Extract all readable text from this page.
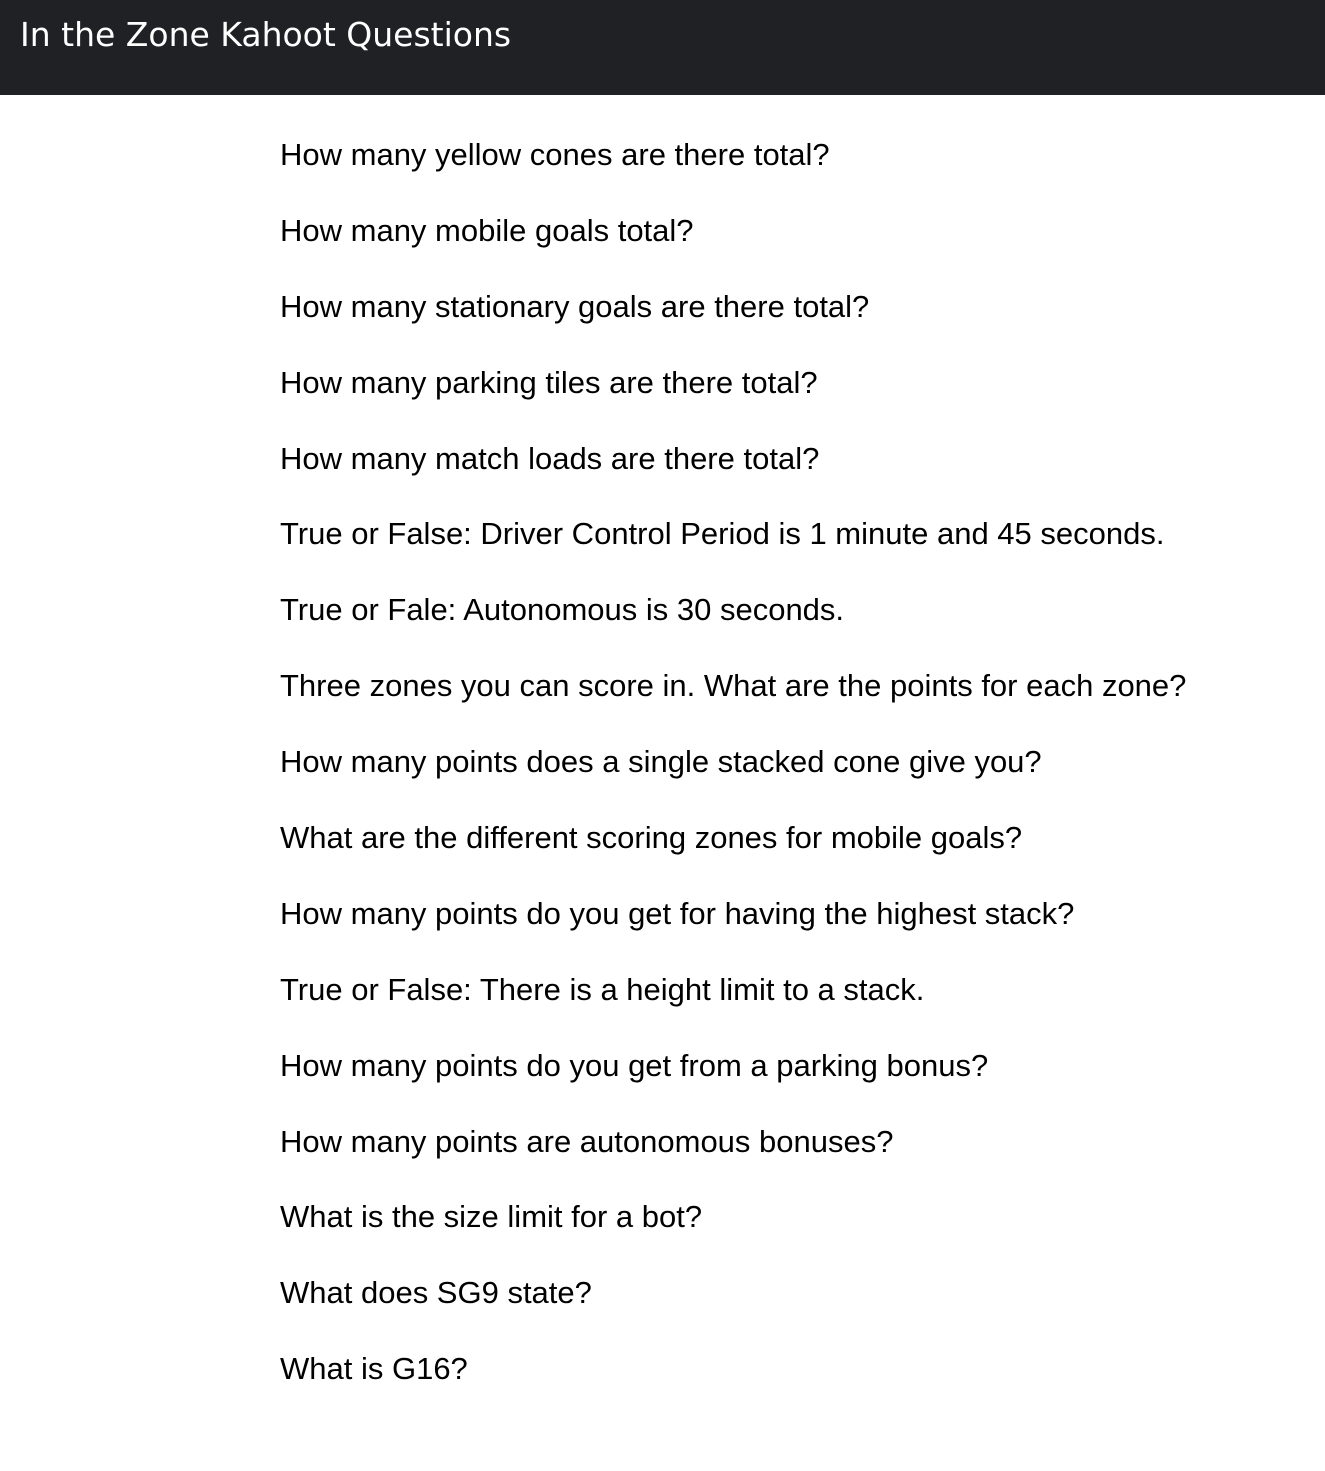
In the Zone Kahoot Questions
How many yellow cones are there total?
How many mobile goals total?
How many stationary goals are there total?
How many parking tiles are there total?
How many match loads are there total?
True or False: Driver Control Period is 1 minute and 45 seconds.
True or Fale: Autonomous is 30 seconds.
Three zones you can score in. What are the points for each zone?
How many points does a single stacked cone give you?
What are the different scoring zones for mobile goals?
How many points do you get for having the highest stack?
True or False: There is a height limit to a stack.
How many points do you get from a parking bonus?
How many points are autonomous bonuses?
What is the size limit for a bot?
What does SG9 state?
What is G16?
